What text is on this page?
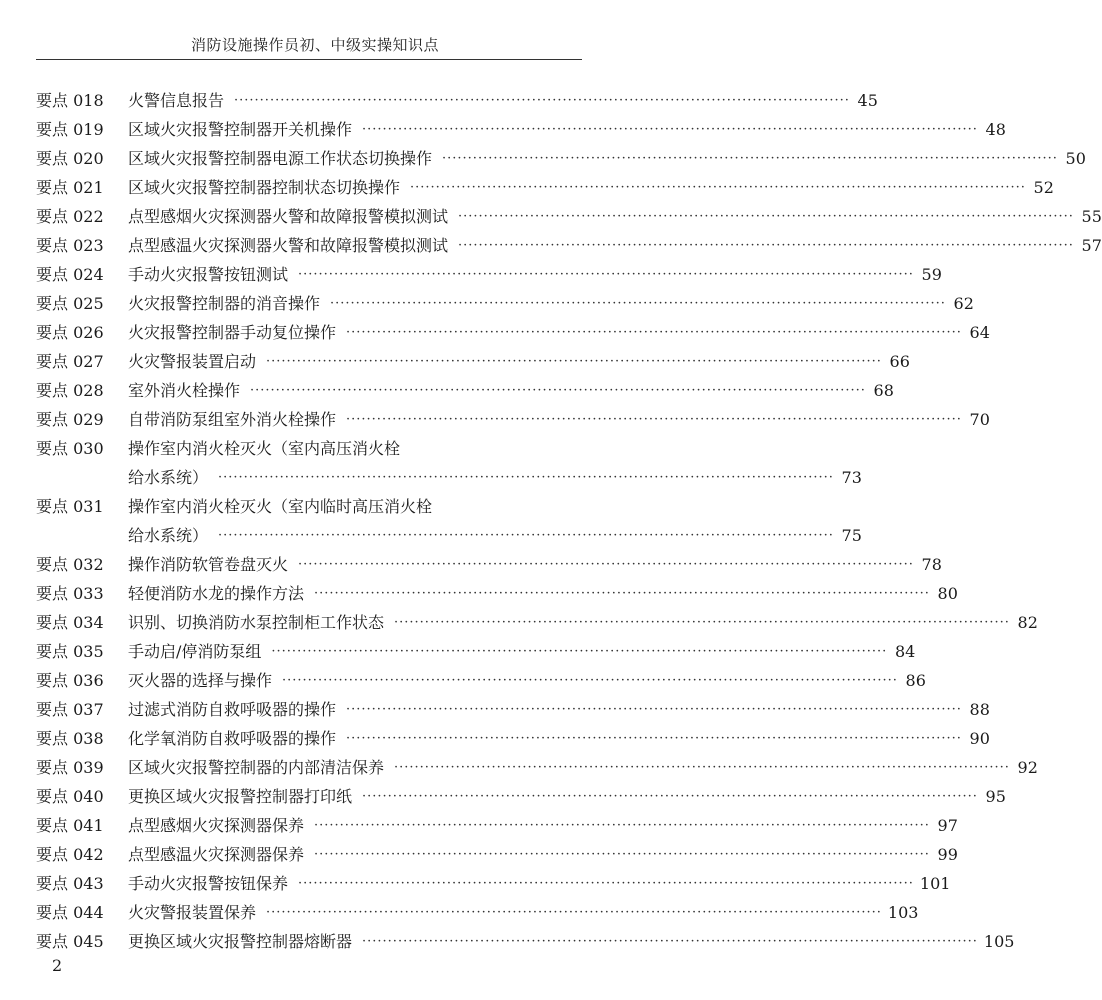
消防设施操作员初、中级实操知识点
要点 018	火警信息报告 ························································································································ 45
要点 019	区域火灾报警控制器开关机操作 ························································································································ 48
要点 020	区域火灾报警控制器电源工作状态切换操作 ························································································································ 50
要点 021	区域火灾报警控制器控制状态切换操作 ························································································································ 52
要点 022	点型感烟火灾探测器火警和故障报警模拟测试 ························································································································ 55
要点 023	点型感温火灾探测器火警和故障报警模拟测试 ························································································································ 57
要点 024	手动火灾报警按钮测试 ························································································································ 59
要点 025	火灾报警控制器的消音操作 ························································································································ 62
要点 026	火灾报警控制器手动复位操作 ························································································································ 64
要点 027	火灾警报装置启动 ························································································································ 66
要点 028	室外消火栓操作 ························································································································ 68
要点 029	自带消防泵组室外消火栓操作 ························································································································ 70
要点 030	操作室内消火栓灭火（室内高压消火栓
给水系统） ························································································································ 73
要点 031	操作室内消火栓灭火（室内临时高压消火栓
给水系统） ························································································································ 75
要点 032	操作消防软管卷盘灭火 ························································································································ 78
要点 033	轻便消防水龙的操作方法 ························································································································ 80
要点 034	识别、切换消防水泵控制柜工作状态 ························································································································ 82
要点 035	手动启/停消防泵组 ························································································································ 84
要点 036	灭火器的选择与操作 ························································································································ 86
要点 037	过滤式消防自救呼吸器的操作 ························································································································ 88
要点 038	化学氧消防自救呼吸器的操作 ························································································································ 90
要点 039	区域火灾报警控制器的内部清洁保养 ························································································································ 92
要点 040	更换区域火灾报警控制器打印纸 ························································································································ 95
要点 041	点型感烟火灾探测器保养 ························································································································ 97
要点 042	点型感温火灾探测器保养 ························································································································ 99
要点 043	手动火灾报警按钮保养 ························································································································ 101
要点 044	火灾警报装置保养 ························································································································ 103
要点 045	更换区域火灾报警控制器熔断器 ························································································································ 105
2
